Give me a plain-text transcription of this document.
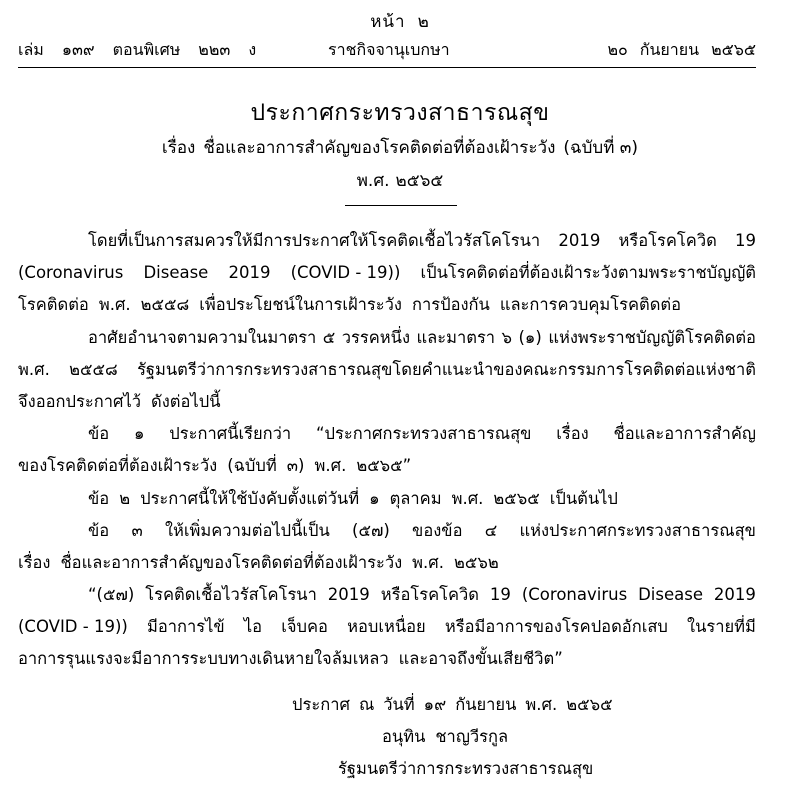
หน้า ๒
เล่ม ๑๓๙ ตอนพิเศษ ๒๒๓ ง	ราชกิจจานุเบกษา	๒๐ กันยายน ๒๕๖๕
ประกาศกระทรวงสาธารณสุข
เรื่อง ชื่อและอาการสำคัญของโรคติดต่อที่ต้องเฝ้าระวัง (ฉบับที่ ๓)
พ.ศ. ๒๕๖๕
โดยที่เป็นการสมควรให้มีการประกาศให้โรคติดเชื้อไวรัสโคโรนา 2019 หรือโรคโควิด 19
(Coronavirus Disease 2019 (COVID - 19)) เป็นโรคติดต่อที่ต้องเฝ้าระวังตามพระราชบัญญัติ
โรคติดต่อ พ.ศ. ๒๕๕๘ เพื่อประโยชน์ในการเฝ้าระวัง การป้องกัน และการควบคุมโรคติดต่อ
อาศัยอำนาจตามความในมาตรา ๕ วรรคหนึ่ง และมาตรา ๖ (๑) แห่งพระราชบัญญัติโรคติดต่อ
พ.ศ. ๒๕๕๘ รัฐมนตรีว่าการกระทรวงสาธารณสุขโดยคำแนะนำของคณะกรรมการโรคติดต่อแห่งชาติ
จึงออกประกาศไว้ ดังต่อไปนี้
ข้อ ๑ ประกาศนี้เรียกว่า “ประกาศกระทรวงสาธารณสุข เรื่อง ชื่อและอาการสำคัญ
ของโรคติดต่อที่ต้องเฝ้าระวัง (ฉบับที่ ๓) พ.ศ. ๒๕๖๕”
ข้อ ๒ ประกาศนี้ให้ใช้บังคับตั้งแต่วันที่ ๑ ตุลาคม พ.ศ. ๒๕๖๕ เป็นต้นไป
ข้อ ๓ ให้เพิ่มความต่อไปนี้เป็น (๕๗) ของข้อ ๔ แห่งประกาศกระทรวงสาธารณสุข
เรื่อง ชื่อและอาการสำคัญของโรคติดต่อที่ต้องเฝ้าระวัง พ.ศ. ๒๕๖๒
“(๕๗) โรคติดเชื้อไวรัสโคโรนา 2019 หรือโรคโควิด 19 (Coronavirus Disease 2019
(COVID - 19)) มีอาการไข้ ไอ เจ็บคอ หอบเหนื่อย หรือมีอาการของโรคปอดอักเสบ ในรายที่มี
อาการรุนแรงจะมีอาการระบบทางเดินหายใจล้มเหลว และอาจถึงขั้นเสียชีวิต”
ประกาศ ณ วันที่ ๑๙ กันยายน พ.ศ. ๒๕๖๕
อนุทิน ชาญวีรกูล
รัฐมนตรีว่าการกระทรวงสาธารณสุข
